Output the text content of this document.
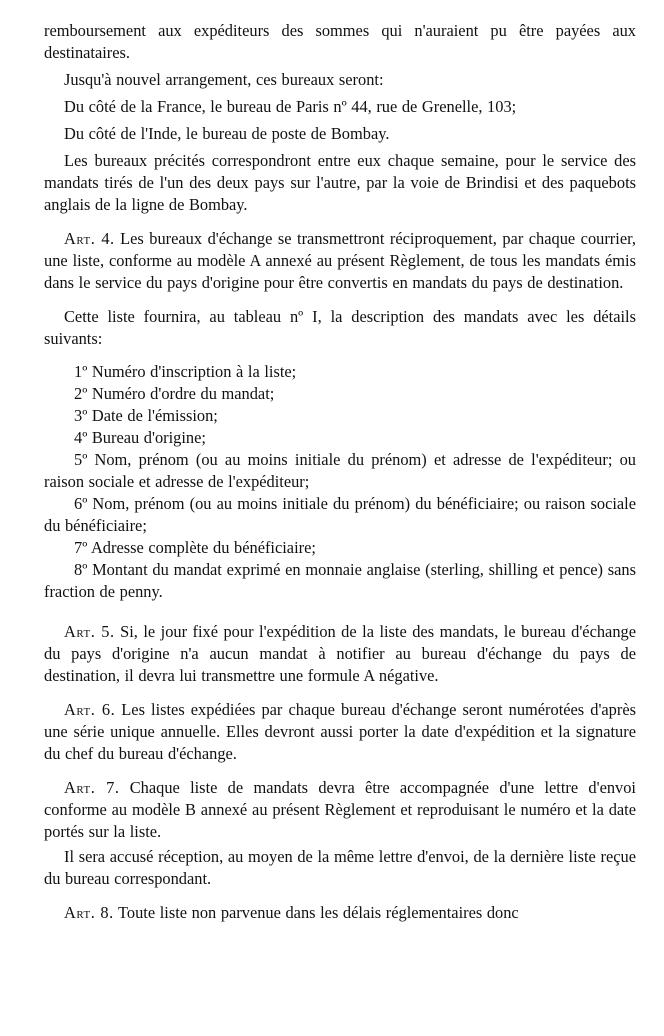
remboursement aux expéditeurs des sommes qui n'auraient pu être payées aux destinataires.

Jusqu'à nouvel arrangement, ces bureaux seront:

Du côté de la France, le bureau de Paris nº 44, rue de Grenelle, 103;

Du côté de l'Inde, le bureau de poste de Bombay.

Les bureaux précités correspondront entre eux chaque semaine, pour le service des mandats tirés de l'un des deux pays sur l'autre, par la voie de Brindisi et des paquebots anglais de la ligne de Bombay.

Art. 4. Les bureaux d'échange se transmettront réciproquement, par chaque courrier, une liste, conforme au modèle A annexé au présent Règlement, de tous les mandats émis dans le service du pays d'origine pour être convertis en mandats du pays de destination.

Cette liste fournira, au tableau nº I, la description des mandats avec les détails suivants:

1º Numéro d'inscription à la liste;

2º Numéro d'ordre du mandat;

3º Date de l'émission;

4º Bureau d'origine;

5º Nom, prénom (ou au moins initiale du prénom) et adresse de l'expéditeur; ou raison sociale et adresse de l'expéditeur;

6º Nom, prénom (ou au moins initiale du prénom) du bénéficiaire; ou raison sociale du bénéficiaire;

7º Adresse complète du bénéficiaire;

8º Montant du mandat exprimé en monnaie anglaise (sterling, shilling et pence) sans fraction de penny.

Art. 5. Si, le jour fixé pour l'expédition de la liste des mandats, le bureau d'échange du pays d'origine n'a aucun mandat à notifier au bureau d'échange du pays de destination, il devra lui transmettre une formule A négative.

Art. 6. Les listes expédiées par chaque bureau d'échange seront numérotées d'après une série unique annuelle. Elles devront aussi porter la date d'expédition et la signature du chef du bureau d'échange.

Art. 7. Chaque liste de mandats devra être accompagnée d'une lettre d'envoi conforme au modèle B annexé au présent Règlement et reproduisant le numéro et la date portés sur la liste.

Il sera accusé réception, au moyen de la même lettre d'envoi, de la dernière liste reçue du bureau correspondant.

Art. 8. Toute liste non parvenue dans les délais réglementaires donc
